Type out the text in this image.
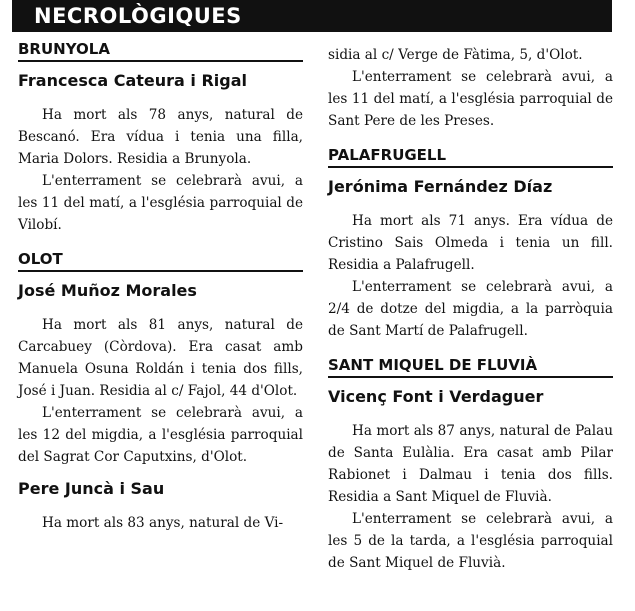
NECROLÒGIQUES
BRUNYOLA
Francesca Cateura i Rigal

Ha mort als 78 anys, natural de Bescanó. Era vídua i tenia una filla, Maria Dolors. Residia a Brunyola.

L'enterrament se celebrarà avui, a les 11 del matí, a l'església parroquial de Vilobí.

OLOT
José Muñoz Morales

Ha mort als 81 anys, natural de Carcabuey (Còrdova). Era casat amb Manuela Osuna Roldán i tenia dos fills, José i Juan. Residia al c/ Fajol, 44 d'Olot.

L'enterrament se celebrarà avui, a les 12 del migdia, a l'església parroquial del Sagrat Cor Caputxins, d'Olot.

Pere Juncà i Sau

Ha mort als 83 anys, natural de Vi-

sidia al c/ Verge de Fàtima, 5, d'Olot.

L'enterrament se celebrarà avui, a les 11 del matí, a l'església parroquial de Sant Pere de les Preses.

PALAFRUGELL
Jerónima Fernández Díaz

Ha mort als 71 anys. Era vídua de Cristino Sais Olmeda i tenia un fill. Residia a Palafrugell.

L'enterrament se celebrarà avui, a 2/4 de dotze del migdia, a la parròquia de Sant Martí de Palafrugell.

SANT MIQUEL DE FLUVIÀ
Vicenç Font i Verdaguer

Ha mort als 87 anys, natural de Palau de Santa Eulàlia. Era casat amb Pilar Rabionet i Dalmau i tenia dos fills. Residia a Sant Miquel de Fluvià.

L'enterrament se celebrarà avui, a les 5 de la tarda, a l'església parroquial de Sant Miquel de Fluvià.
